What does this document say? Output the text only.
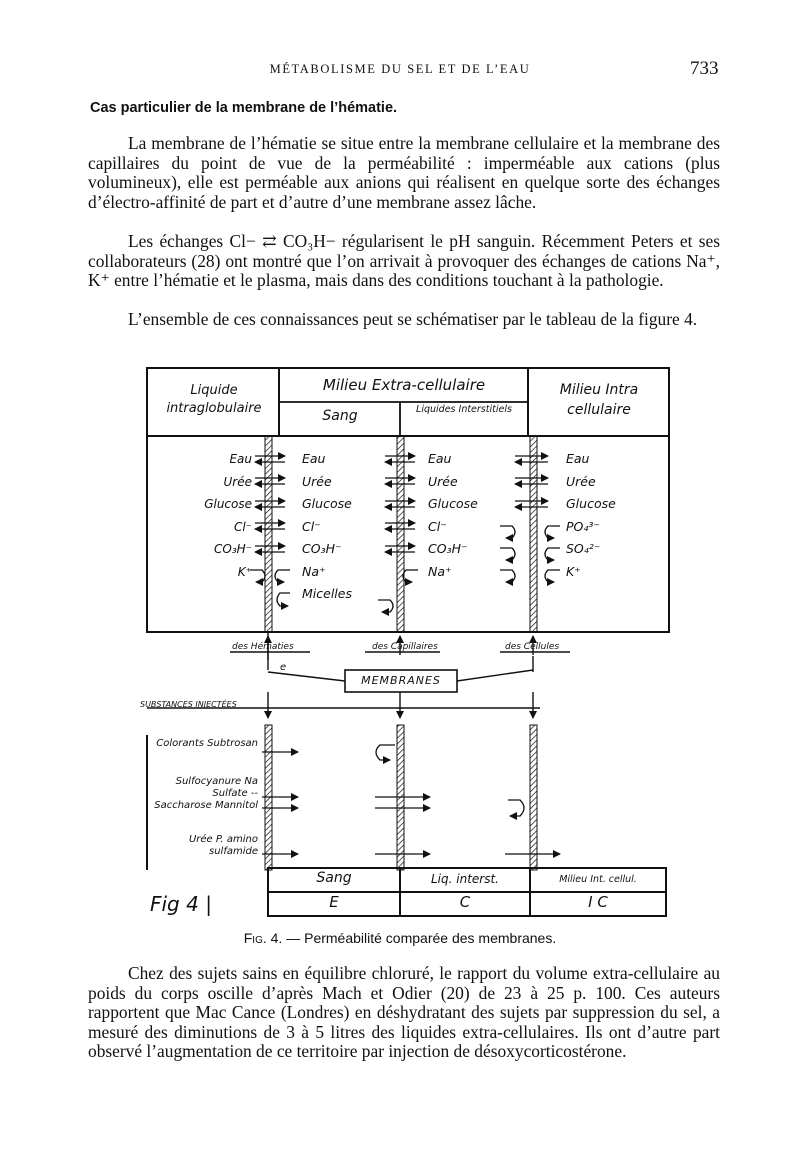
MÉTABOLISME DU SEL ET DE L’EAU	733
Cas particulier de la membrane de l’hématie.
La membrane de l’hématie se situe entre la membrane cellulaire et la membrane des capillaires du point de vue de la perméabilité : imperméable aux cations (plus volumineux), elle est perméable aux anions qui réalisent en quelque sorte des échanges d’électro-affinité de part et d’autre d’une membrane assez lâche.
Les échanges Cl− ⇄ CO₃H− régularisent le pH sanguin. Récemment Peters et ses collaborateurs (28) ont montré que l’on arrivait à provoquer des échanges de cations Na⁺, K⁺ entre l’hématie et le plasma, mais dans des conditions touchant à la pathologie.
L’ensemble de ces connaissances peut se schématiser par le tableau de la figure 4.
Liquide intraglobulaire
Milieu Extra-cellulaire
Sang	Liquides Interstitiels
Milieu Intra cellulaire
Eau
Urée
Glucose
Cl⁻
CO₃H⁻
K⁺
Eau
Urée
Glucose
Cl⁻
CO₃H⁻
Na⁺
Micelles
Eau
Urée
Glucose
Cl⁻
CO₃H⁻
Na⁺
Eau
Urée
Glucose
PO₄³⁻
SO₄²⁻
K⁺
des Hématies	des Capillaires	des Cellules
e
MEMBRANES
SUBSTANCES INJECTÉES
Colorants Subtrosan
Sulfocyanure Na Sulfate --
Saccharose Mannitol
Urée P. amino sulfamide
Sang	Liq. interst.	Milieu Int. cellul.
E	C	I C
Fig 4 |
Fig. 4. — Perméabilité comparée des membranes.
Chez des sujets sains en équilibre chloruré, le rapport du volume extra-cellulaire au poids du corps oscille d’après Mach et Odier (20) de 23 à 25 p. 100. Ces auteurs rapportent que Mac Cance (Londres) en déshydratant des sujets par suppression du sel, a mesuré des diminutions de 3 à 5 litres des liquides extra-cellulaires. Ils ont d’autre part observé l’augmentation de ce territoire par injection de désoxycorticostérone.
